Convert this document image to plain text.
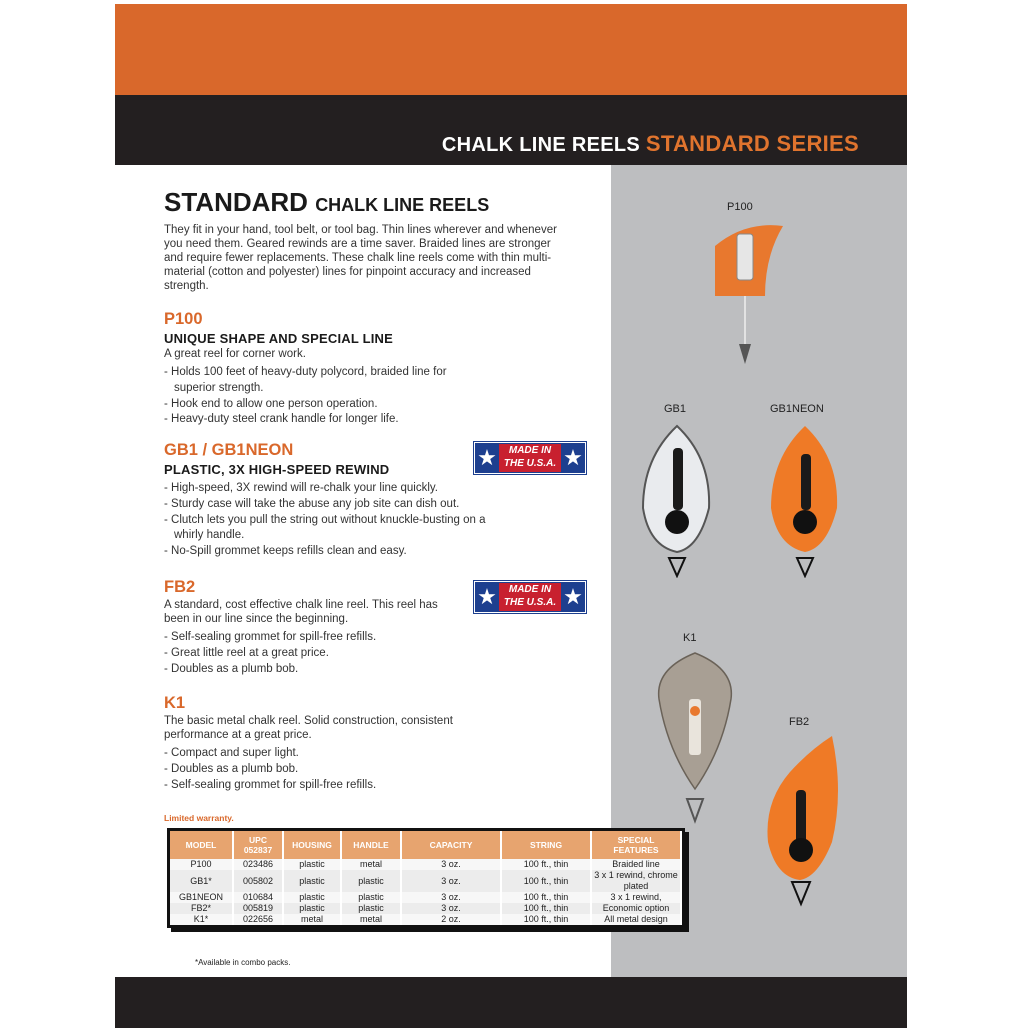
CHALK LINE REELS STANDARD SERIES
STANDARD CHALK LINE REELS

They fit in your hand, tool belt, or tool bag. Thin lines wherever and whenever you need them. Geared rewinds are a time saver. Braided lines are stronger and require fewer replacements. These chalk line reels come with thin multi-material (cotton and polyester) lines for pinpoint accuracy and increased strength.

P100

UNIQUE SHAPE AND SPECIAL LINE

A great reel for corner work.

- Holds 100 feet of heavy-duty polycord, braided line for superior strength.
- Hook end to allow one person operation.
- Heavy-duty steel crank handle for longer life.

GB1 / GB1NEON

PLASTIC, 3X HIGH-SPEED REWIND

- High-speed, 3X rewind will re-chalk your line quickly.
- Sturdy case will take the abuse any job site can dish out.
- Clutch lets you pull the string out without knuckle-busting on a whirly handle.
- No-Spill grommet keeps refills clean and easy.

FB2

A standard, cost effective chalk line reel. This reel has been in our line since the beginning.

- Self-sealing grommet for spill-free refills.
- Great little reel at a great price.
- Doubles as a plumb bob.

K1

The basic metal chalk reel. Solid construction, consistent performance at a great price.

- Compact and super light.
- Doubles as a plumb bob.
- Self-sealing grommet for spill-free refills.
★	MADE IN
THE U.S.A. ★
★	MADE IN
THE U.S.A. ★
Limited warranty.
MODEL	UPC 052837	HOUSING	HANDLE	CAPACITY	STRING	SPECIAL FEATURES
P100	023486	plastic	metal	3 oz.	100 ft., thin	Braided line
GB1*	005802	plastic	plastic	3 oz.	100 ft., thin	3 x 1 rewind, chrome plated
GB1NEON	010684	plastic	plastic	3 oz.	100 ft., thin	3 x 1 rewind,
FB2*	005819	plastic	plastic	3 oz.	100 ft., thin	Economic option
K1*	022656	metal	metal	2 oz.	100 ft., thin	All metal design
*Available in combo packs.
P100
GB1	GB1NEON
K1
FB2
